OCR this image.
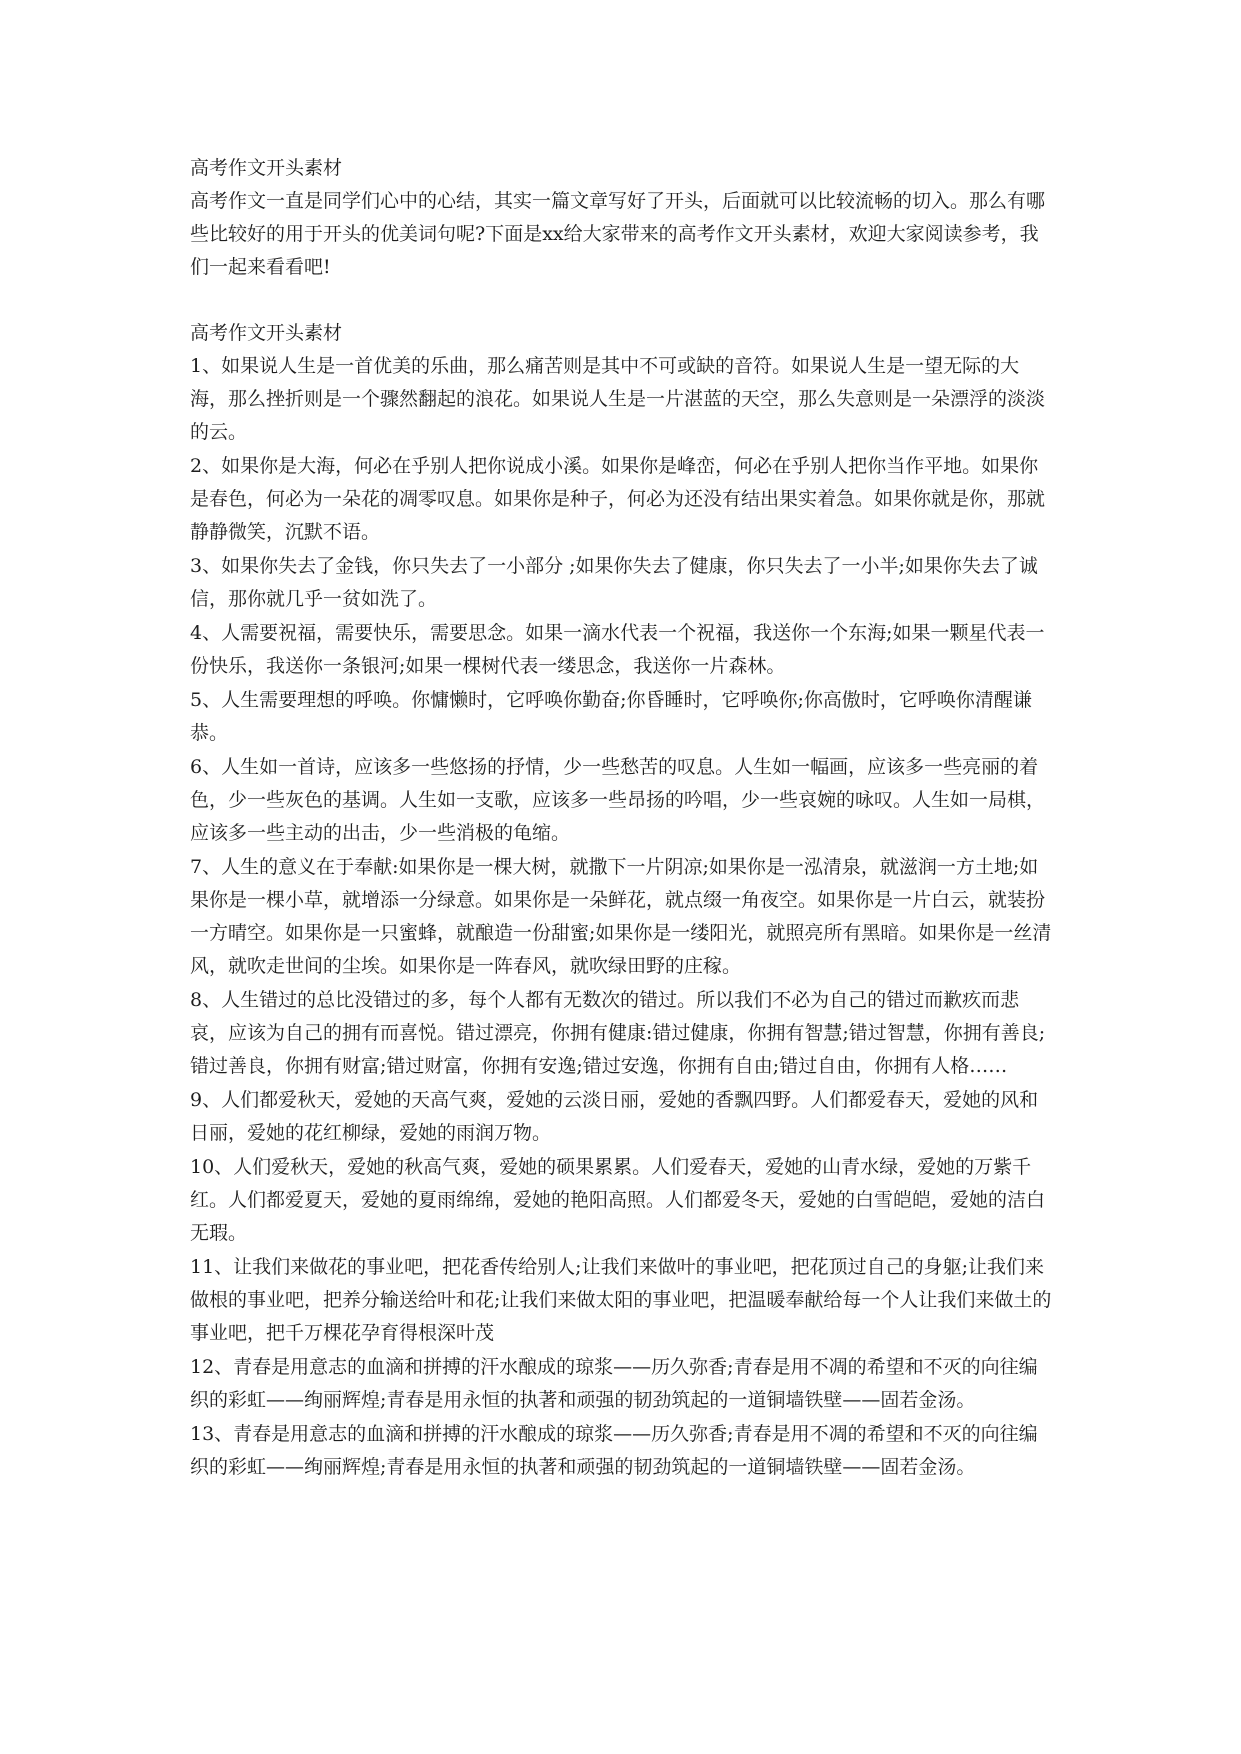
高考作文开头素材

高考作文一直是同学们心中的心结，其实一篇文章写好了开头，后面就可以比较流畅的切入。那么有哪些比较好的用于开头的优美词句呢?下面是xx给大家带来的高考作文开头素材，欢迎大家阅读参考，我们一起来看看吧!

高考作文开头素材

1、如果说人生是一首优美的乐曲，那么痛苦则是其中不可或缺的音符。如果说人生是一望无际的大海，那么挫折则是一个骤然翻起的浪花。如果说人生是一片湛蓝的天空，那么失意则是一朵漂浮的淡淡的云。

2、如果你是大海，何必在乎别人把你说成小溪。如果你是峰峦，何必在乎别人把你当作平地。如果你是春色，何必为一朵花的凋零叹息。如果你是种子，何必为还没有结出果实着急。如果你就是你，那就静静微笑，沉默不语。

3、如果你失去了金钱，你只失去了一小部分 ;如果你失去了健康，你只失去了一小半;如果你失去了诚信，那你就几乎一贫如洗了。

4、人需要祝福，需要快乐，需要思念。如果一滴水代表一个祝福，我送你一个东海;如果一颗星代表一份快乐，我送你一条银河;如果一棵树代表一缕思念，我送你一片森林。

5、人生需要理想的呼唤。你慵懒时，它呼唤你勤奋;你昏睡时，它呼唤你;你高傲时，它呼唤你清醒谦恭。

6、人生如一首诗，应该多一些悠扬的抒情，少一些愁苦的叹息。人生如一幅画，应该多一些亮丽的着色，少一些灰色的基调。人生如一支歌，应该多一些昂扬的吟唱，少一些哀婉的咏叹。人生如一局棋，应该多一些主动的出击，少一些消极的龟缩。

7、人生的意义在于奉献:如果你是一棵大树，就撒下一片阴凉;如果你是一泓清泉，就滋润一方土地;如果你是一棵小草，就增添一分绿意。如果你是一朵鲜花，就点缀一角夜空。如果你是一片白云，就装扮一方晴空。如果你是一只蜜蜂，就酿造一份甜蜜;如果你是一缕阳光，就照亮所有黑暗。如果你是一丝清风，就吹走世间的尘埃。如果你是一阵春风，就吹绿田野的庄稼。

8、人生错过的总比没错过的多，每个人都有无数次的错过。所以我们不必为自己的错过而歉疚而悲哀，应该为自己的拥有而喜悦。错过漂亮，你拥有健康:错过健康，你拥有智慧;错过智慧，你拥有善良;错过善良，你拥有财富;错过财富，你拥有安逸;错过安逸，你拥有自由;错过自由，你拥有人格……

9、人们都爱秋天，爱她的天高气爽，爱她的云淡日丽，爱她的香飘四野。人们都爱春天，爱她的风和日丽，爱她的花红柳绿，爱她的雨润万物。

10、人们爱秋天，爱她的秋高气爽，爱她的硕果累累。人们爱春天，爱她的山青水绿，爱她的万紫千红。人们都爱夏天，爱她的夏雨绵绵，爱她的艳阳高照。人们都爱冬天，爱她的白雪皑皑，爱她的洁白无瑕。

11、让我们来做花的事业吧，把花香传给别人;让我们来做叶的事业吧，把花顶过自己的身躯;让我们来做根的事业吧，把养分输送给叶和花;让我们来做太阳的事业吧，把温暖奉献给每一个人让我们来做土的事业吧，把千万棵花孕育得根深叶茂

12、青春是用意志的血滴和拼搏的汗水酿成的琼浆——历久弥香;青春是用不凋的希望和不灭的向往编织的彩虹——绚丽辉煌;青春是用永恒的执著和顽强的韧劲筑起的一道铜墙铁壁——固若金汤。

13、青春是用意志的血滴和拼搏的汗水酿成的琼浆——历久弥香;青春是用不凋的希望和不灭的向往编织的彩虹——绚丽辉煌;青春是用永恒的执著和顽强的韧劲筑起的一道铜墙铁壁——固若金汤。
